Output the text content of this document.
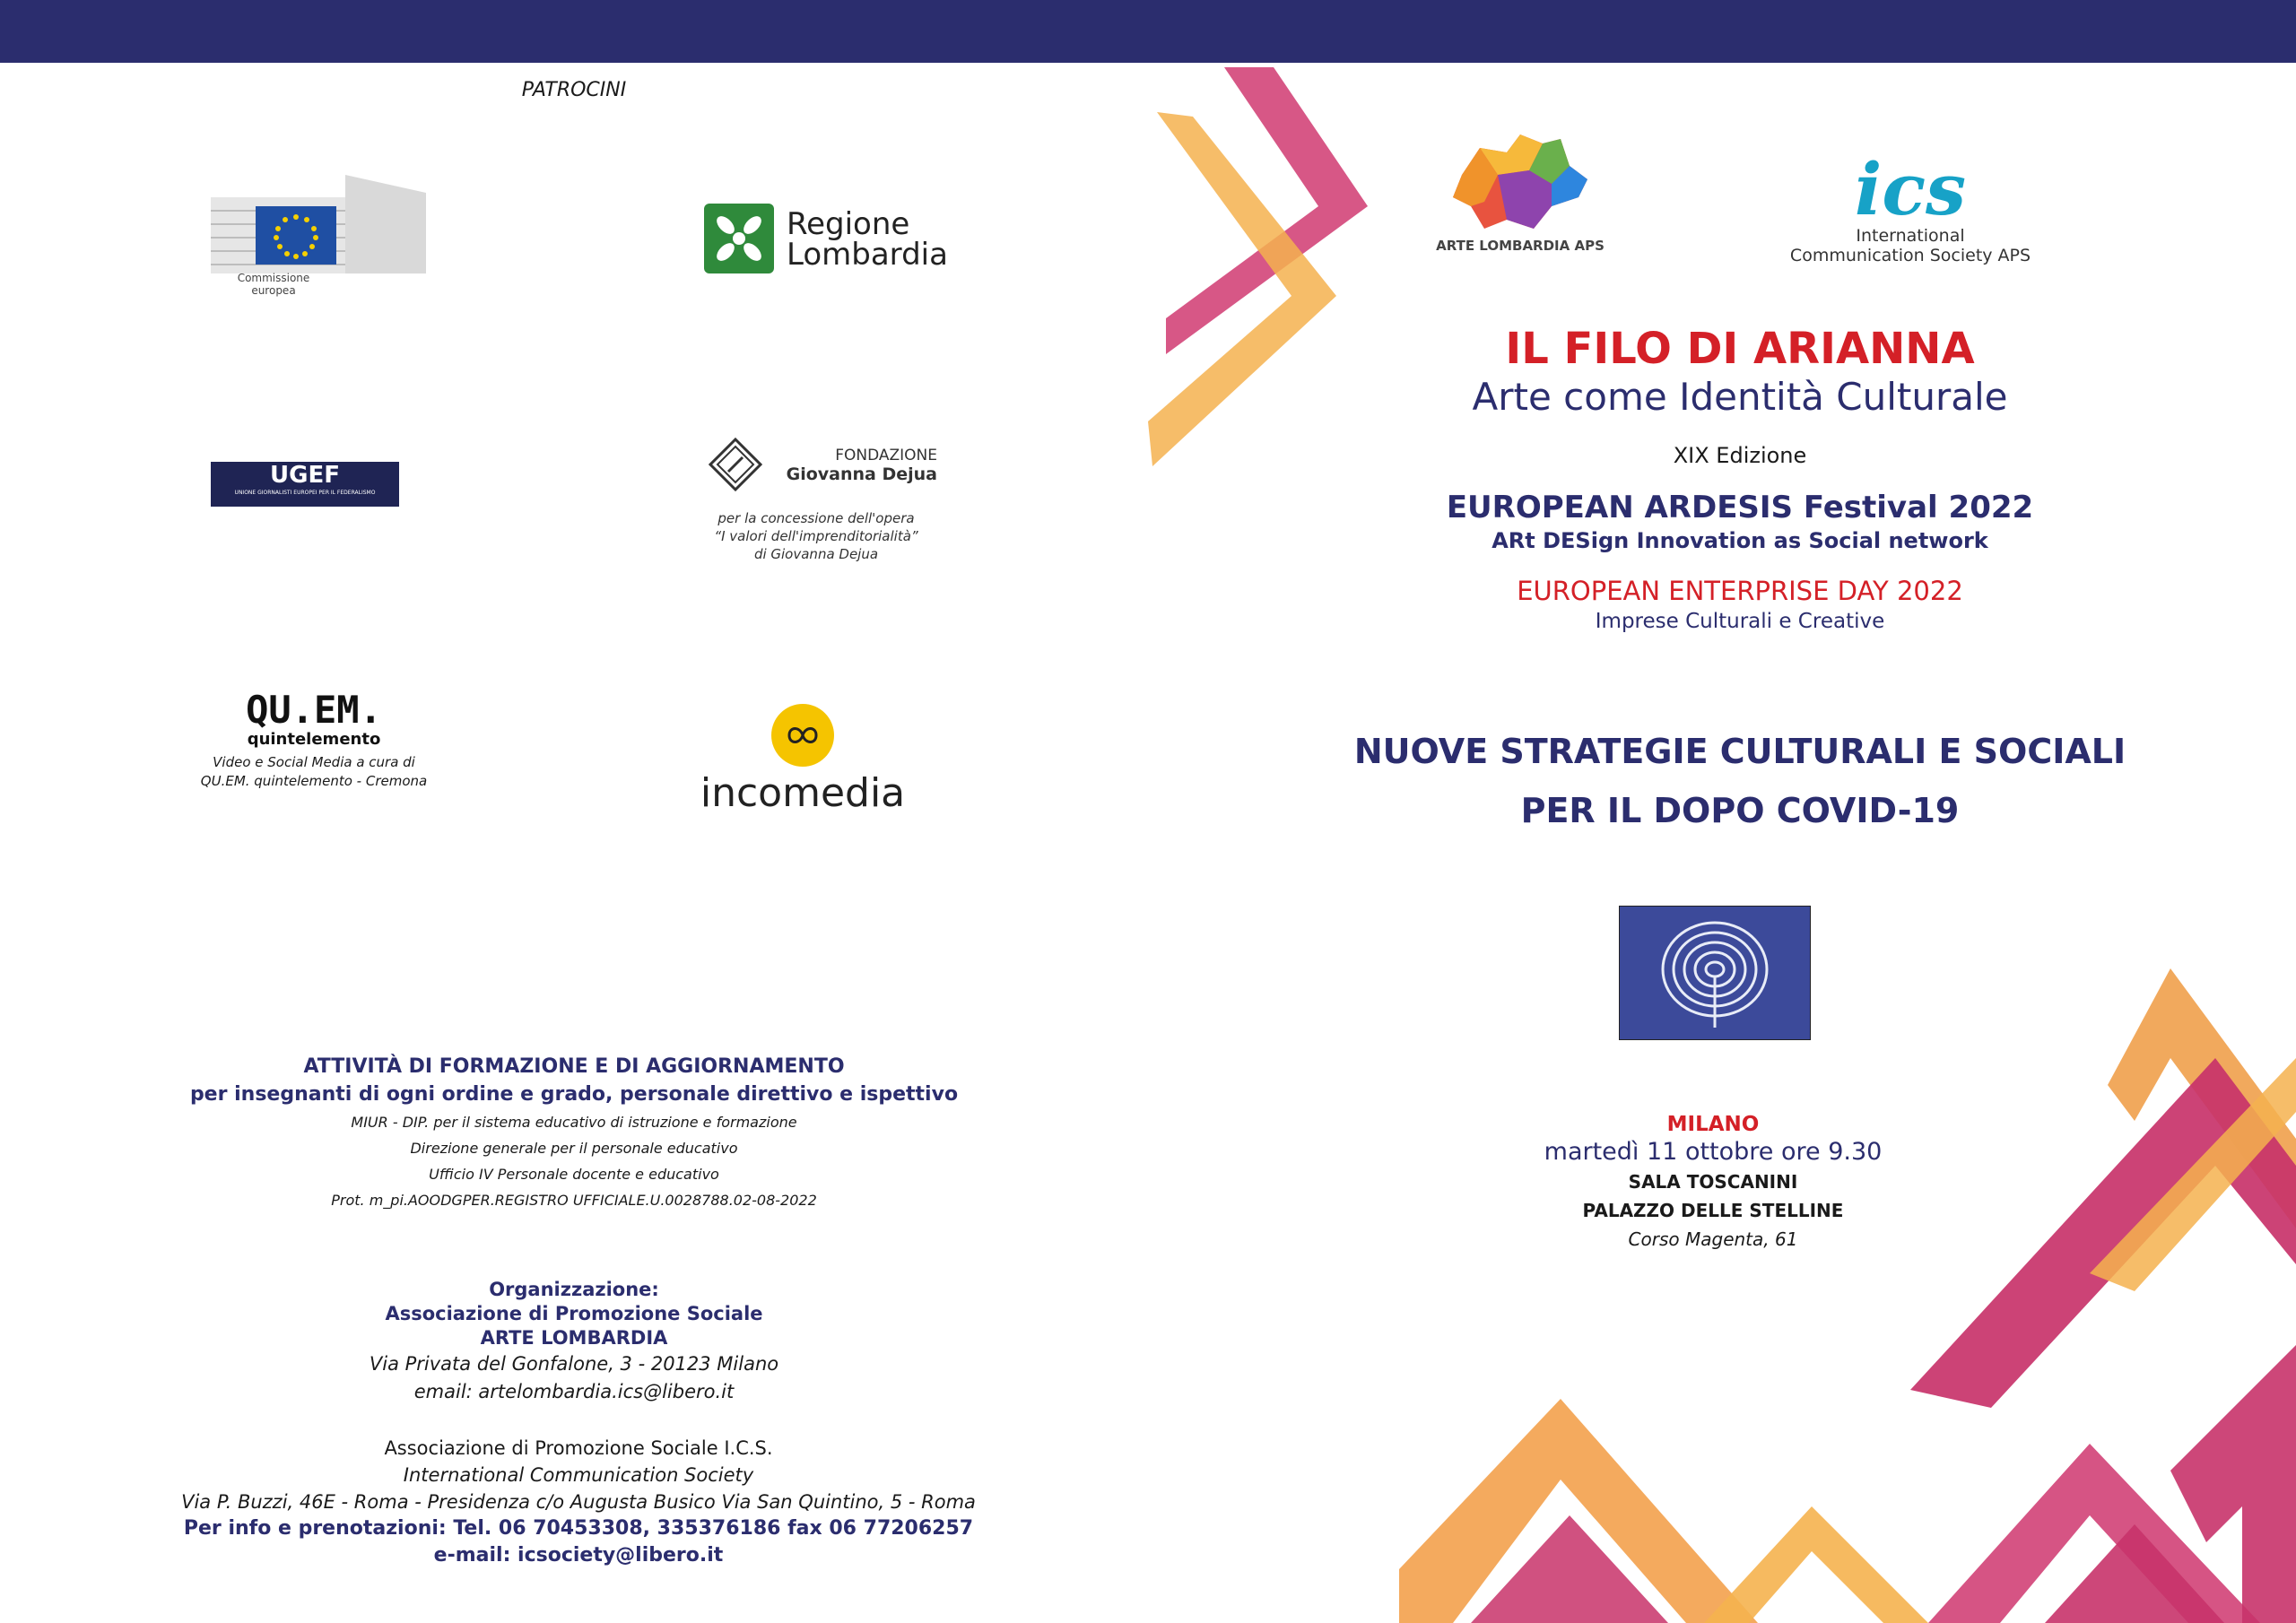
PATROCINI
Commissione
europea
Regione
Lombardia
UGEF
UNIONE GIORNALISTI EUROPEI PER IL FEDERALISMO
FONDAZIONE
Giovanna Dejua
per la concessione dell'opera
“I valori dell'imprenditorialità”
di Giovanna Dejua
QU.EM.
quintelemento
Video e Social Media a cura di
QU.EM. quintelemento - Cremona	incomedia
ATTIVITÀ DI FORMAZIONE E DI AGGIORNAMENTO
per insegnanti di ogni ordine e grado, personale direttivo e ispettivo
MIUR - DIP. per il sistema educativo di istruzione e formazione
Direzione generale per il personale educativo
Ufficio IV Personale docente e educativo
Prot. m_pi.AOODGPER.REGISTRO UFFICIALE.U.0028788.02-08-2022
Organizzazione:
Associazione di Promozione Sociale
ARTE LOMBARDIA
Via Privata del Gonfalone, 3 - 20123 Milano
email: artelombardia.ics@libero.it
Associazione di Promozione Sociale I.C.S.
International Communication Society
Via P. Buzzi, 46E - Roma - Presidenza c/o Augusta Busico Via San Quintino, 5 - Roma
Per info e prenotazioni: Tel. 06 70453308, 335376186 fax 06 77206257
e-mail: icsociety@libero.it
ARTE LOMBARDIA APS
ics
International
Communication Society APS
IL FILO DI ARIANNA
Arte come Identità Culturale
XIX Edizione
EUROPEAN ARDESIS Festival 2022
ARt DESign Innovation as Social network
EUROPEAN ENTERPRISE DAY 2022
Imprese Culturali e Creative
NUOVE STRATEGIE CULTURALI E SOCIALI
PER IL DOPO COVID-19
MILANO
martedì 11 ottobre ore 9.30
SALA TOSCANINI
PALAZZO DELLE STELLINE
Corso Magenta, 61
